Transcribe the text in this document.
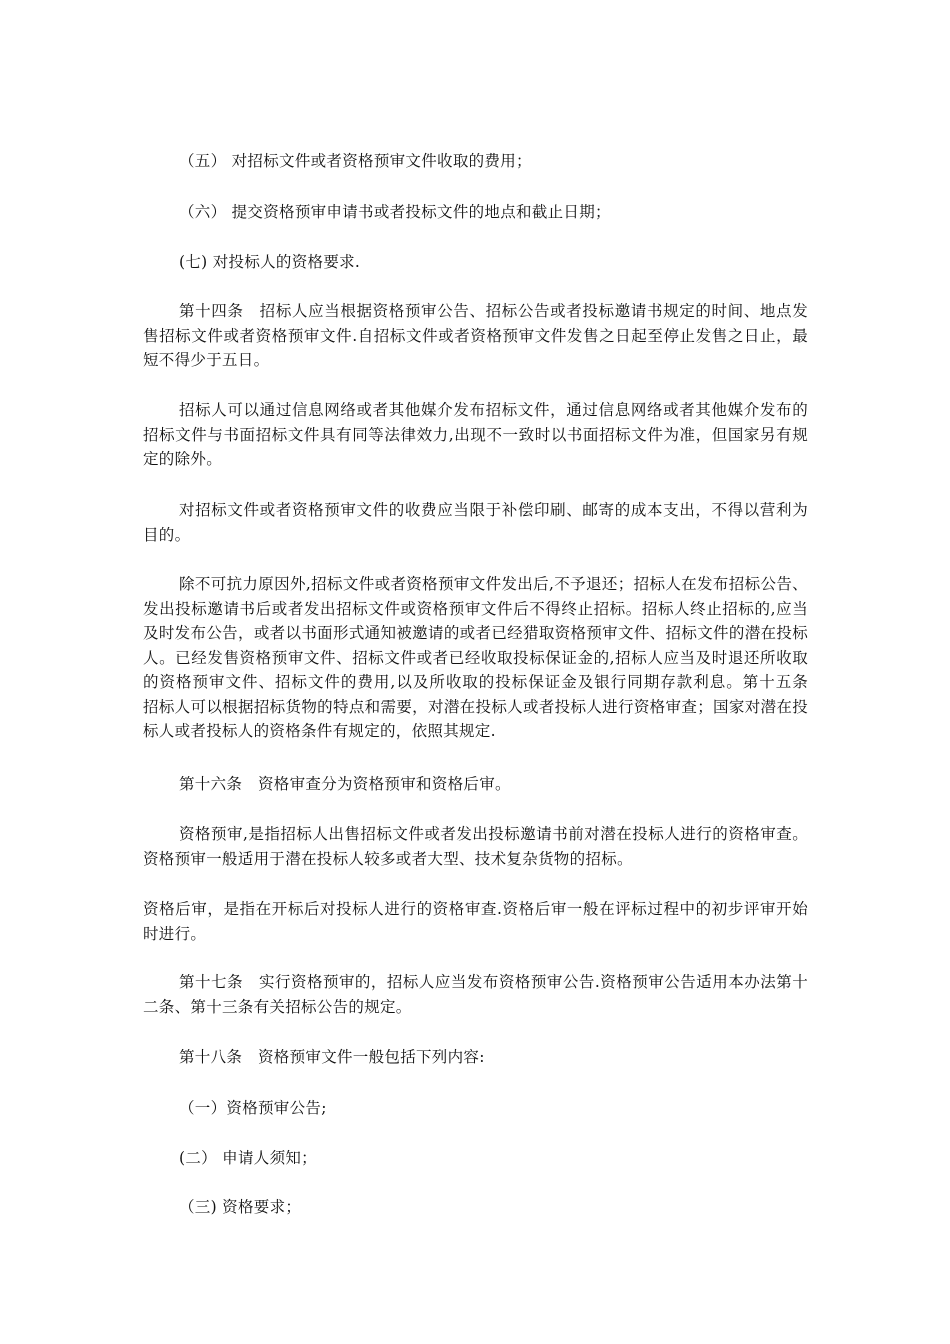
（五） 对招标文件或者资格预审文件收取的费用；

（六） 提交资格预审申请书或者投标文件的地点和截止日期；

(七) 对投标人的资格要求.

第十四条　招标人应当根据资格预审公告、招标公告或者投标邀请书规定的时间、地点发售招标文件或者资格预审文件.自招标文件或者资格预审文件发售之日起至停止发售之日止，最短不得少于五日。

招标人可以通过信息网络或者其他媒介发布招标文件，通过信息网络或者其他媒介发布的招标文件与书面招标文件具有同等法律效力,出现不一致时以书面招标文件为准，但国家另有规定的除外。

对招标文件或者资格预审文件的收费应当限于补偿印刷、邮寄的成本支出，不得以营利为目的。

除不可抗力原因外,招标文件或者资格预审文件发出后,不予退还；招标人在发布招标公告、发出投标邀请书后或者发出招标文件或资格预审文件后不得终止招标。招标人终止招标的,应当及时发布公告，或者以书面形式通知被邀请的或者已经猎取资格预审文件、招标文件的潜在投标人。已经发售资格预审文件、招标文件或者已经收取投标保证金的,招标人应当及时退还所收取的资格预审文件、招标文件的费用,以及所收取的投标保证金及银行同期存款利息。第十五条　招标人可以根据招标货物的特点和需要，对潜在投标人或者投标人进行资格审查；国家对潜在投标人或者投标人的资格条件有规定的，依照其规定.

第十六条　资格审查分为资格预审和资格后审。

资格预审,是指招标人出售招标文件或者发出投标邀请书前对潜在投标人进行的资格审查。资格预审一般适用于潜在投标人较多或者大型、技术复杂货物的招标。

资格后审，是指在开标后对投标人进行的资格审查.资格后审一般在评标过程中的初步评审开始时进行。

第十七条　实行资格预审的，招标人应当发布资格预审公告.资格预审公告适用本办法第十二条、第十三条有关招标公告的规定。

第十八条　资格预审文件一般包括下列内容:

（一）资格预审公告;

(二） 申请人须知；

（三) 资格要求；
